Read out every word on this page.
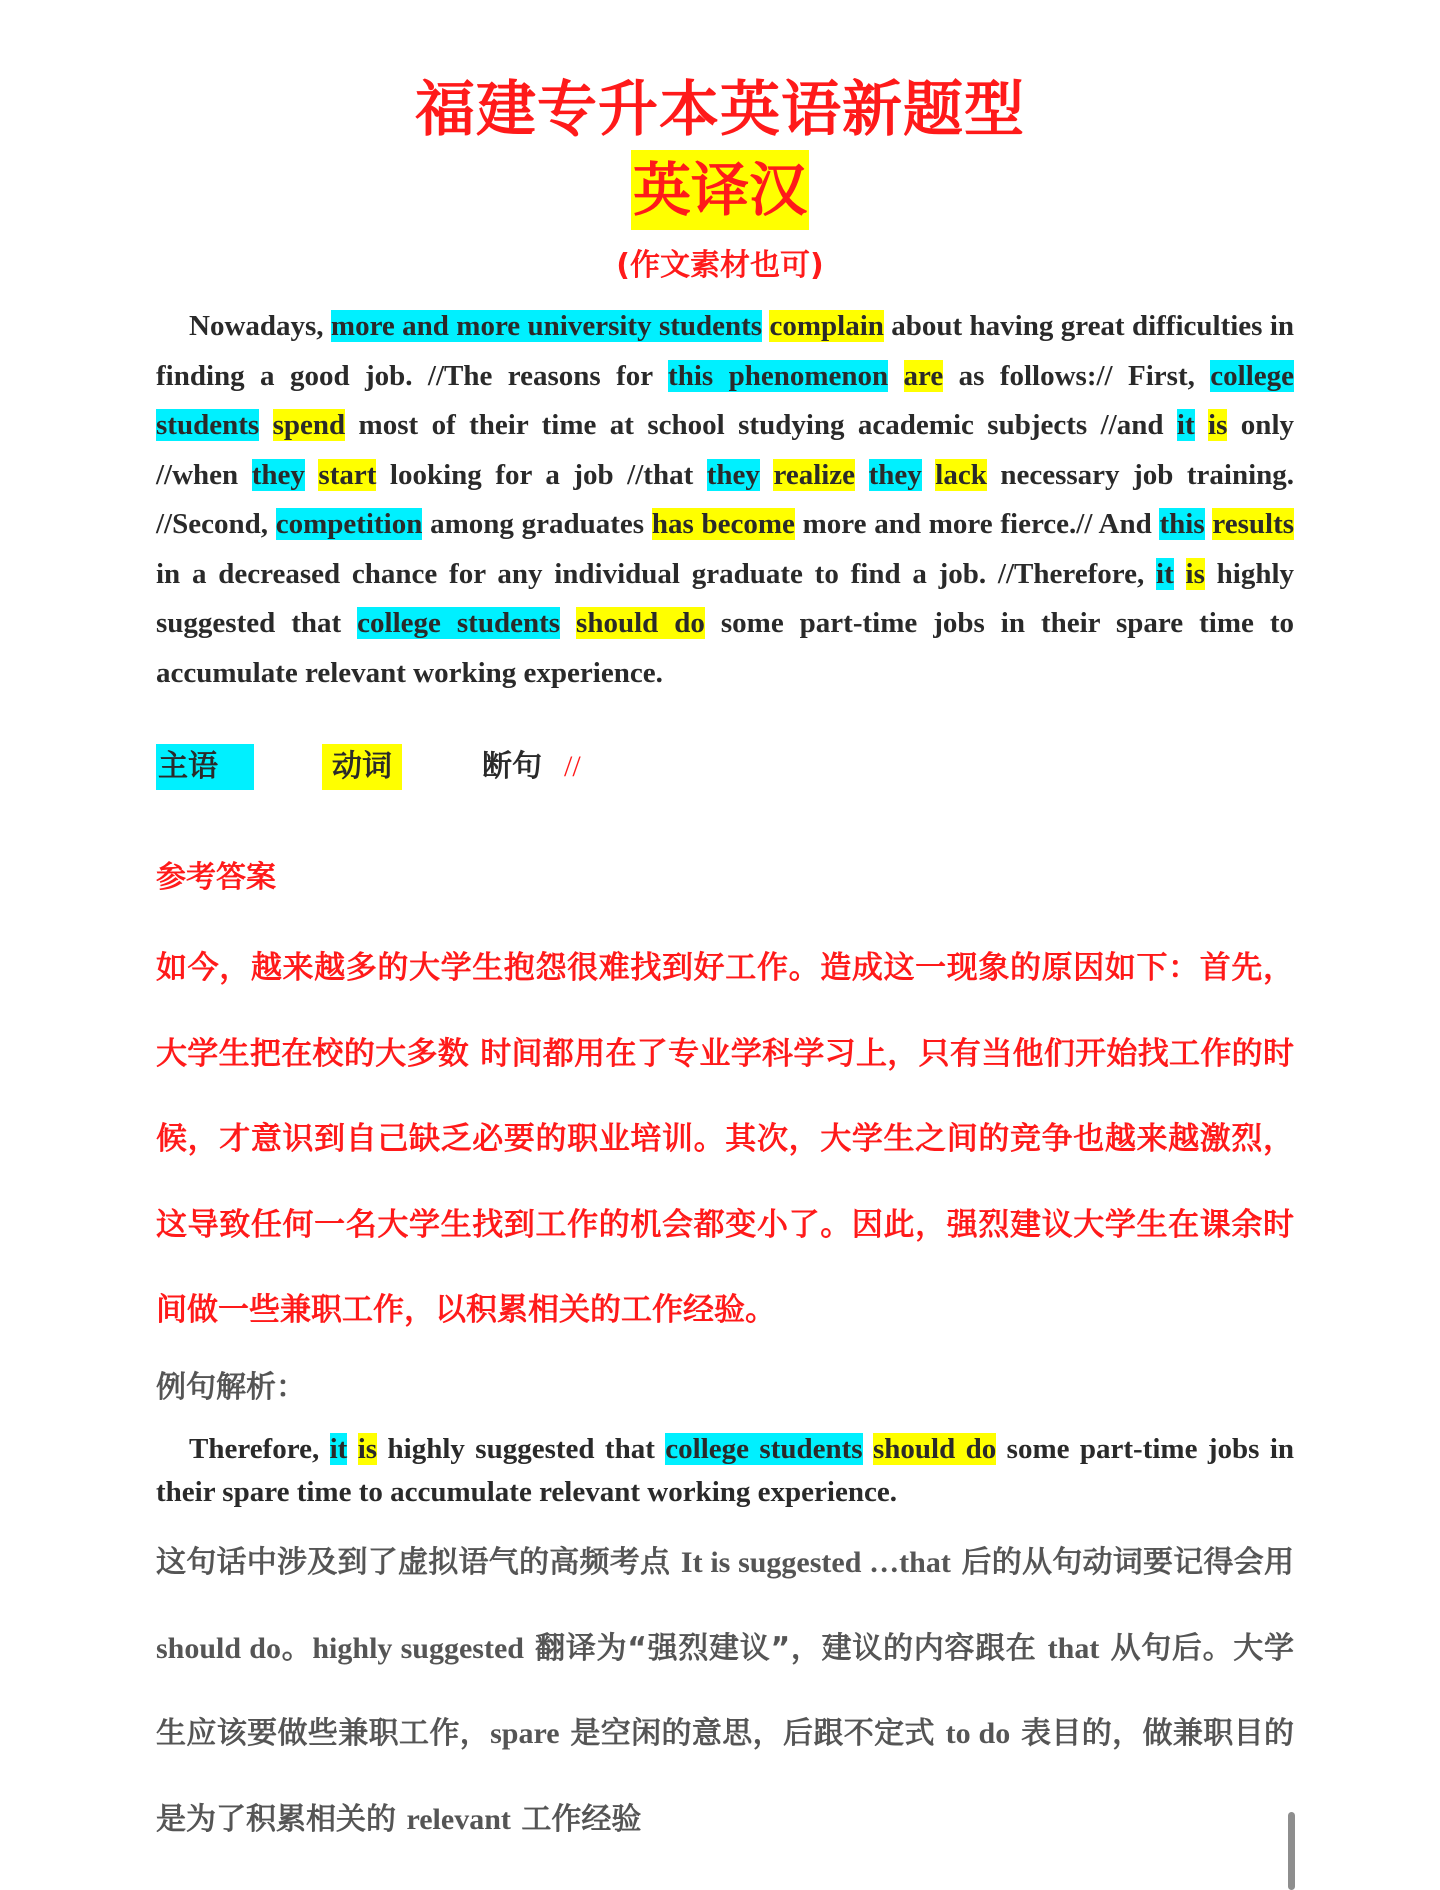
福建专升本英语新题型
英译汉
(作文素材也可)

Nowadays, more and more university students complain about having great difficulties in finding a good job. //The reasons for this phenomenon are as follows:// First, college students spend most of their time at school studying academic subjects //and it is only //when they start looking for a job //that they realize they lack necessary job training. //Second, competition among graduates has become more and more fierce.// And this results in a decreased chance for any individual graduate to find a job. //Therefore, it is highly suggested that college students should do some part-time jobs in their spare time to accumulate relevant working experience.

主语	动词	断句 //
参考答案

如今，越来越多的大学生抱怨很难找到好工作。造成这一现象的原因如下：首先，大学生把在校的大多数 时间都用在了专业学科学习上，只有当他们开始找工作的时候，才意识到自己缺乏必要的职业培训。其次，大学生之间的竞争也越来越激烈，这导致任何一名大学生找到工作的机会都变小了。因此，强烈建议大学生在课余时间做一些兼职工作，以积累相关的工作经验。

例句解析：

Therefore, it is highly suggested that college students should do some part-time jobs in their spare time to accumulate relevant working experience.

这句话中涉及到了虚拟语气的高频考点 It is suggested …that 后的从句动词要记得会用 should do。highly suggested 翻译为“强烈建议”，建议的内容跟在 that 从句后。大学生应该要做些兼职工作，spare 是空闲的意思，后跟不定式 to do 表目的，做兼职目的是为了积累相关的 relevant 工作经验
